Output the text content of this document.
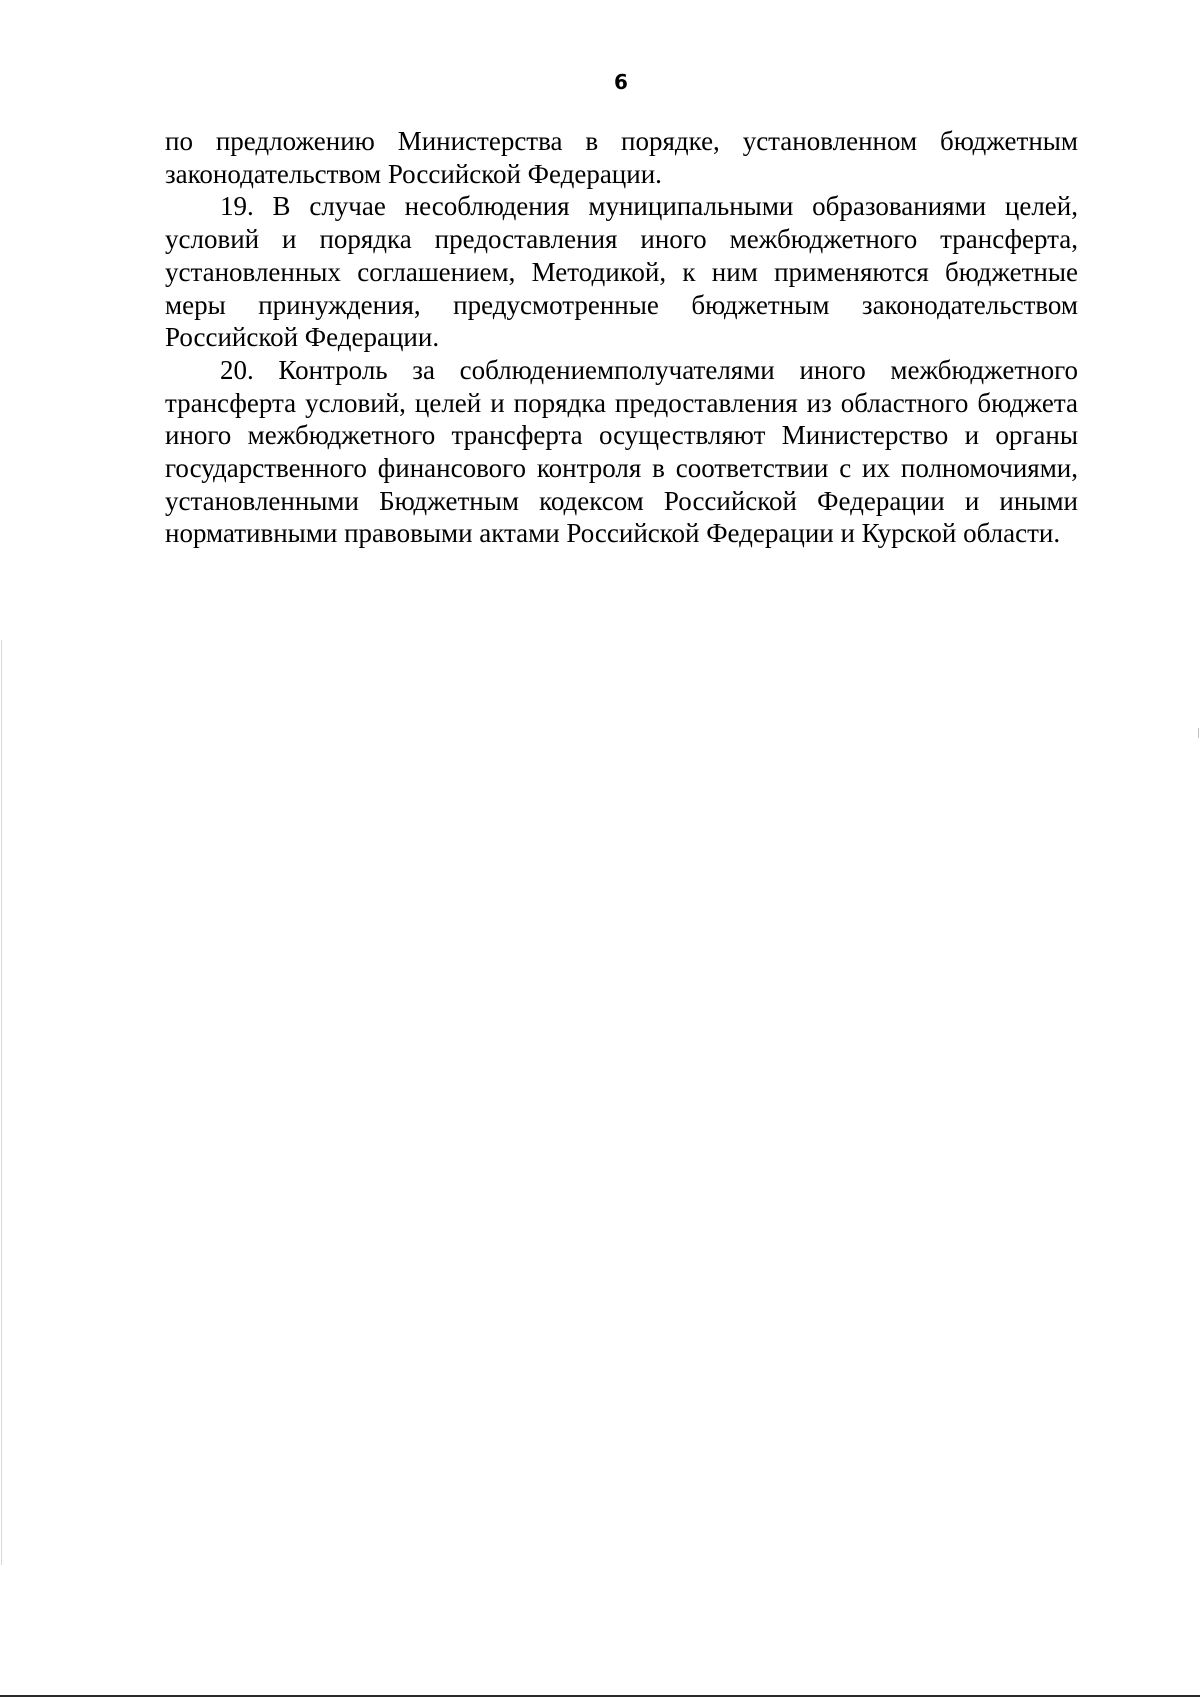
6

по предложению Министерства в порядке, установленном бюджетным законодательством Российской Федерации.

19. В случае несоблюдения муниципальными образованиями целей, условий и порядка предоставления иного межбюджетного трансферта, установленных соглашением, Методикой, к ним применяются бюджетные меры принуждения, предусмотренные бюджетным законодательством Российской Федерации.

20. Контроль за соблюдениемполучателями иного межбюджетного трансферта условий, целей и порядка предоставления из областного бюджета иного межбюджетного трансферта осуществляют Министерство и органы государственного финансового контроля в соответствии с их полномочиями, установленными Бюджетным кодексом Российской Федерации и иными нормативными правовыми актами Российской Федерации и Курской области.
